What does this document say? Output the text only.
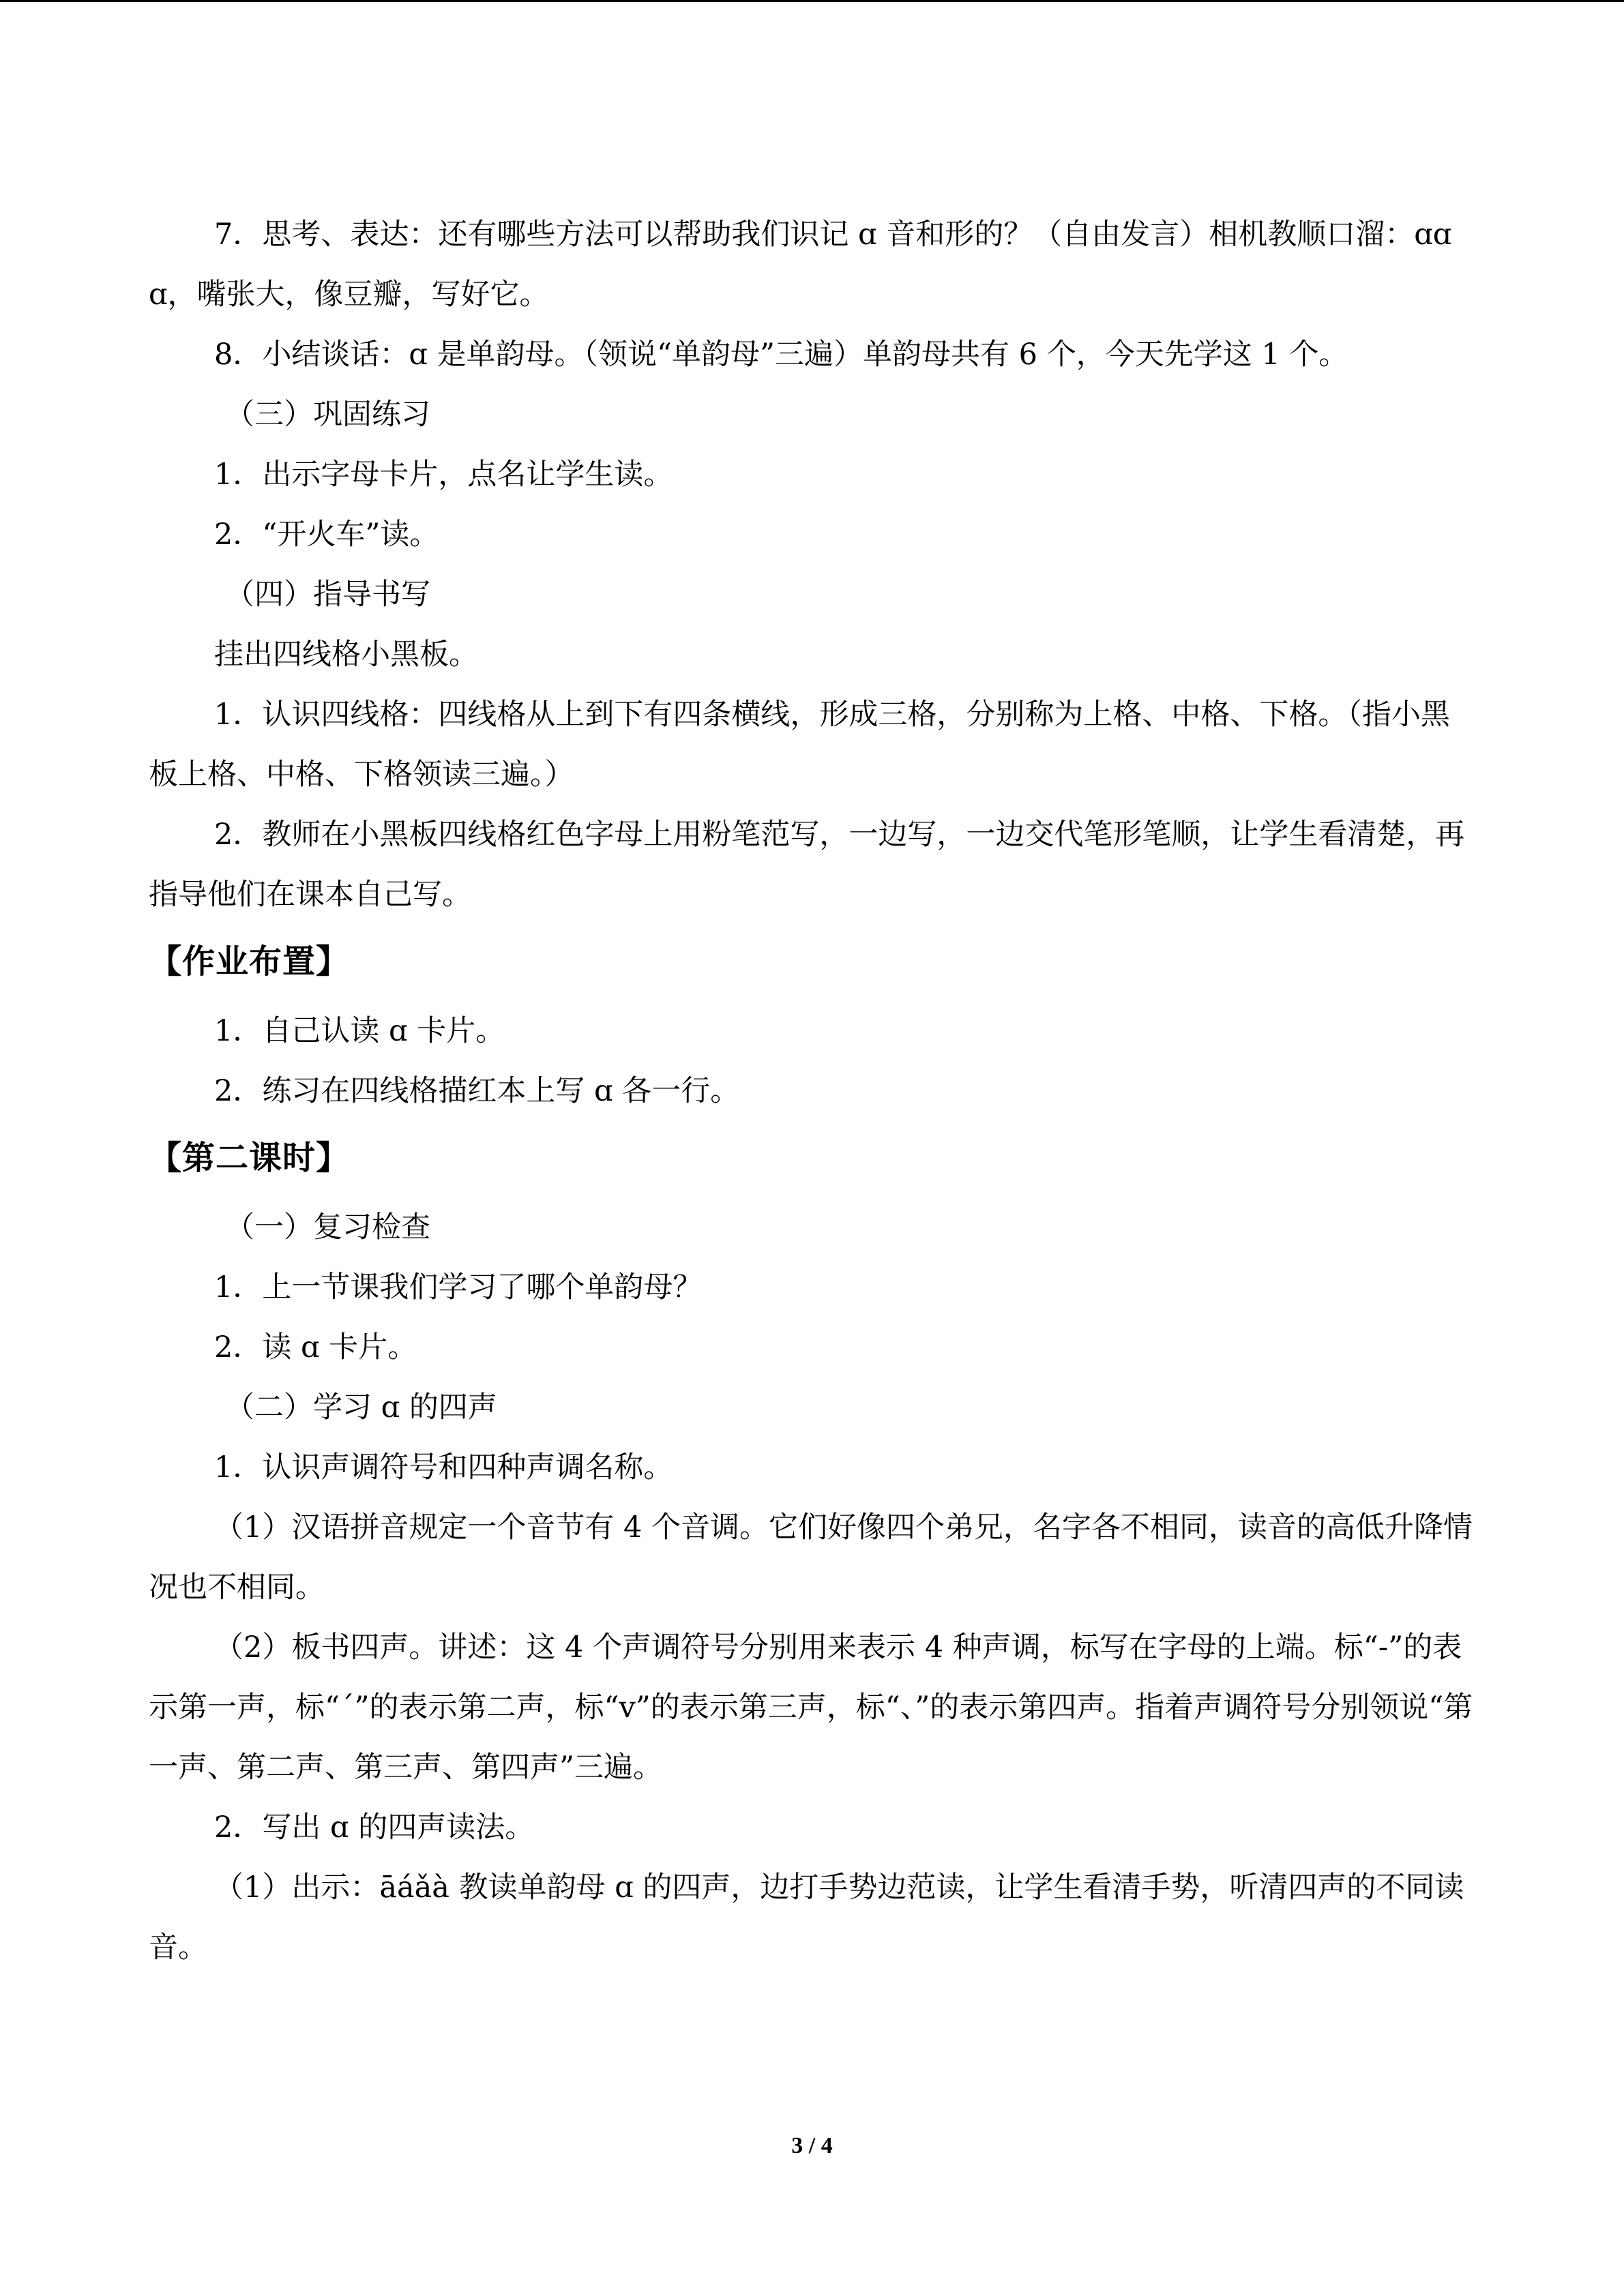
7．思考、表达：还有哪些方法可以帮助我们识记 ɑ 音和形的？（自由发言）相机教顺口溜：ɑɑɑ，嘴张大，像豆瓣，写好它。

8．小结谈话：ɑ 是单韵母。（领说“单韵母”三遍）单韵母共有 6 个，今天先学这 1 个。

（三）巩固练习

1．出示字母卡片，点名让学生读。

2．“开火车”读。

（四）指导书写

挂出四线格小黑板。

1．认识四线格：四线格从上到下有四条横线，形成三格，分别称为上格、中格、下格。（指小黑板上格、中格、下格领读三遍。）

2．教师在小黑板四线格红色字母上用粉笔范写，一边写，一边交代笔形笔顺，让学生看清楚，再指导他们在课本自己写。

【作业布置】

1．自己认读 ɑ 卡片。

2．练习在四线格描红本上写 ɑ 各一行。

【第二课时】

（一）复习检查

1．上一节课我们学习了哪个单韵母？

2．读 ɑ 卡片。

（二）学习 ɑ 的四声

1．认识声调符号和四种声调名称。

（1）汉语拼音规定一个音节有 4 个音调。它们好像四个弟兄，名字各不相同，读音的高低升降情况也不相同。

（2）板书四声。讲述：这 4 个声调符号分别用来表示 4 种声调，标写在字母的上端。标“-”的表示第一声，标“ˊ”的表示第二声，标“v”的表示第三声，标“、”的表示第四声。指着声调符号分别领说“第一声、第二声、第三声、第四声”三遍。

2．写出 ɑ 的四声读法。

（1）出示：āáǎà 教读单韵母 ɑ 的四声，边打手势边范读，让学生看清手势，听清四声的不同读音。

3 / 4
